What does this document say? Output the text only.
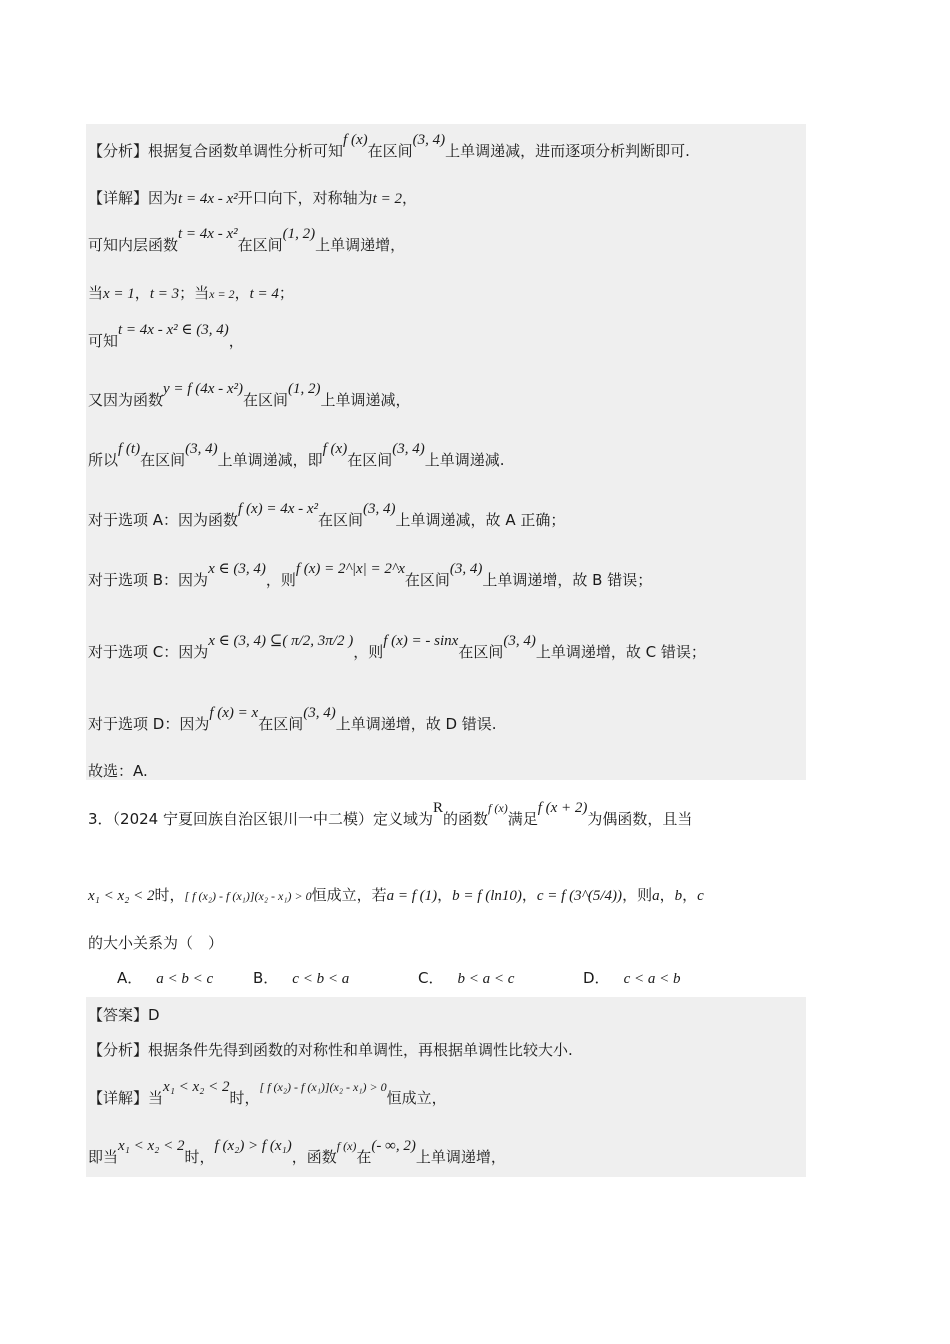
【分析】根据复合函数单调性分析可知f (x)在区间(3, 4)上单调递减，进而逐项分析判断即可.
【详解】因为t = 4x - x²开口向下，对称轴为t = 2，
可知内层函数t = 4x - x²在区间(1, 2)上单调递增，
当x = 1，t = 3；当x = 2，t = 4；
可知t = 4x - x² ∈ (3, 4)，
又因为函数y = f (4x - x²)在区间(1, 2)上单调递减，
所以f (t)在区间(3, 4)上单调递减，即f (x)在区间(3, 4)上单调递减.
对于选项 A：因为函数f (x) = 4x - x²在区间(3, 4)上单调递减，故 A 正确；
对于选项 B：因为x ∈ (3, 4)，则f (x) = 2^|x| = 2^x在区间(3, 4)上单调递增，故 B 错误；
对于选项 C：因为x ∈ (3, 4) ⊆( π/2, 3π/2 )，则f (x) = - sinx在区间(3, 4)上单调递增，故 C 错误；
对于选项 D：因为f (x) = x在区间(3, 4)上单调递增，故 D 错误.
故选：A.
3．（2024 宁夏回族自治区银川一中二模）定义域为R的函数$^{f (x)}$满足f (x + 2)为偶函数，且当
x₁ < x₂ < 2时，[ f (x₂) - f (x₁)](x₂ - x₁) > 0恒成立，若a = f (1)，b = f (ln10)，c = f (3^(5/4))，则a，b，c
的大小关系为（　）
A． a < b < c	B． c < b < a	C． b < a < c	D． c < a < b
【答案】D
【分析】根据条件先得到函数的对称性和单调性，再根据单调性比较大小.
【详解】当x₁ < x₂ < 2时，$^{[ f (x_2) - f (x_1)](x_2 - x_1) > 0}$恒成立，
即当x₁ < x₂ < 2时，f (x₂) > f (x₁)，函数$^{f (x)}$在(- ∞, 2)上单调递增，
